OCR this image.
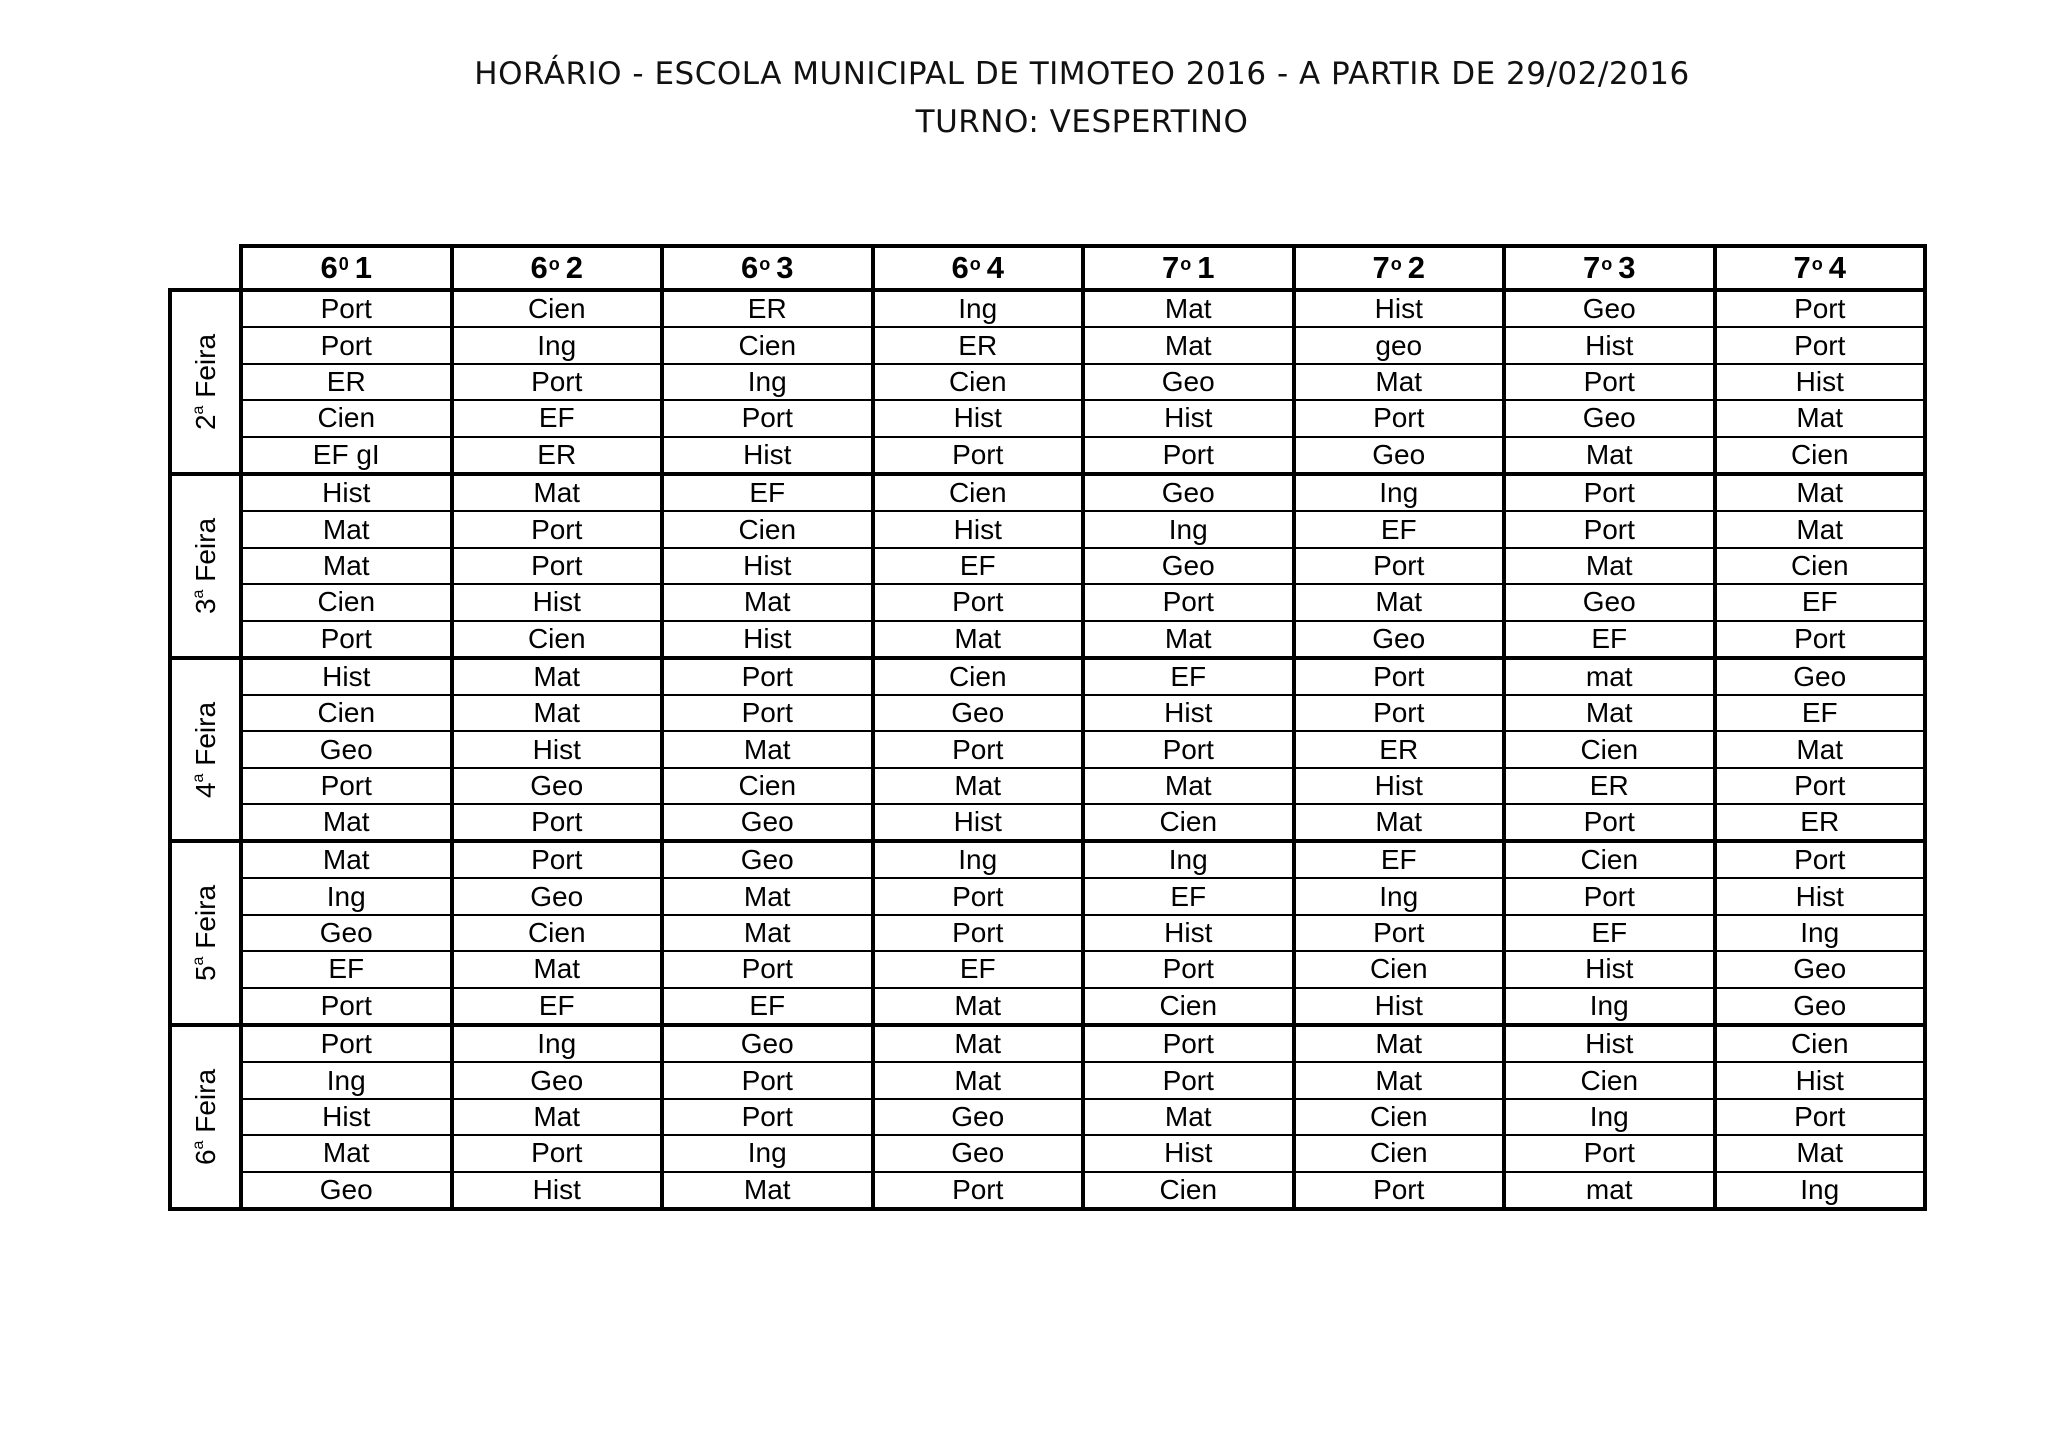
HORÁRIO - ESCOLA MUNICIPAL DE TIMOTEO 2016 - A PARTIR DE 29/02/2016
TURNO: VESPERTINO
$6^0$ 1	6$^o$ 2	6$^o$ 3	6$^o$ 4	7$^o$ 1	7$^o$ 2	7$^o$ 3	7$^o$ 4
2$^a$ Feira
Port	Cien	ER	Ing	Mat	Hist	Geo	Port
Port	Ing	Cien	ER	Mat	geo	Hist	Port
ER	Port	Ing	Cien	Geo	Mat	Port	Hist
Cien	EF	Port	Hist	Hist	Port	Geo	Mat
EF gI	ER	Hist	Port	Port	Geo	Mat	Cien
3$^a$ Feira
Hist	Mat	EF	Cien	Geo	Ing	Port	Mat
Mat	Port	Cien	Hist	Ing	EF	Port	Mat
Mat	Port	Hist	EF	Geo	Port	Mat	Cien
Cien	Hist	Mat	Port	Port	Mat	Geo	EF
Port	Cien	Hist	Mat	Mat	Geo	EF	Port
4$^a$ Feira
Hist	Mat	Port	Cien	EF	Port	mat	Geo
Cien	Mat	Port	Geo	Hist	Port	Mat	EF
Geo	Hist	Mat	Port	Port	ER	Cien	Mat
Port	Geo	Cien	Mat	Mat	Hist	ER	Port
Mat	Port	Geo	Hist	Cien	Mat	Port	ER
5$^a$ Feira
Mat	Port	Geo	Ing	Ing	EF	Cien	Port
Ing	Geo	Mat	Port	EF	Ing	Port	Hist
Geo	Cien	Mat	Port	Hist	Port	EF	Ing
EF	Mat	Port	EF	Port	Cien	Hist	Geo
Port	EF	EF	Mat	Cien	Hist	Ing	Geo
6$^a$ Feira
Port	Ing	Geo	Mat	Port	Mat	Hist	Cien
Ing	Geo	Port	Mat	Port	Mat	Cien	Hist
Hist	Mat	Port	Geo	Mat	Cien	Ing	Port
Mat	Port	Ing	Geo	Hist	Cien	Port	Mat
Geo	Hist	Mat	Port	Cien	Port	mat	Ing
